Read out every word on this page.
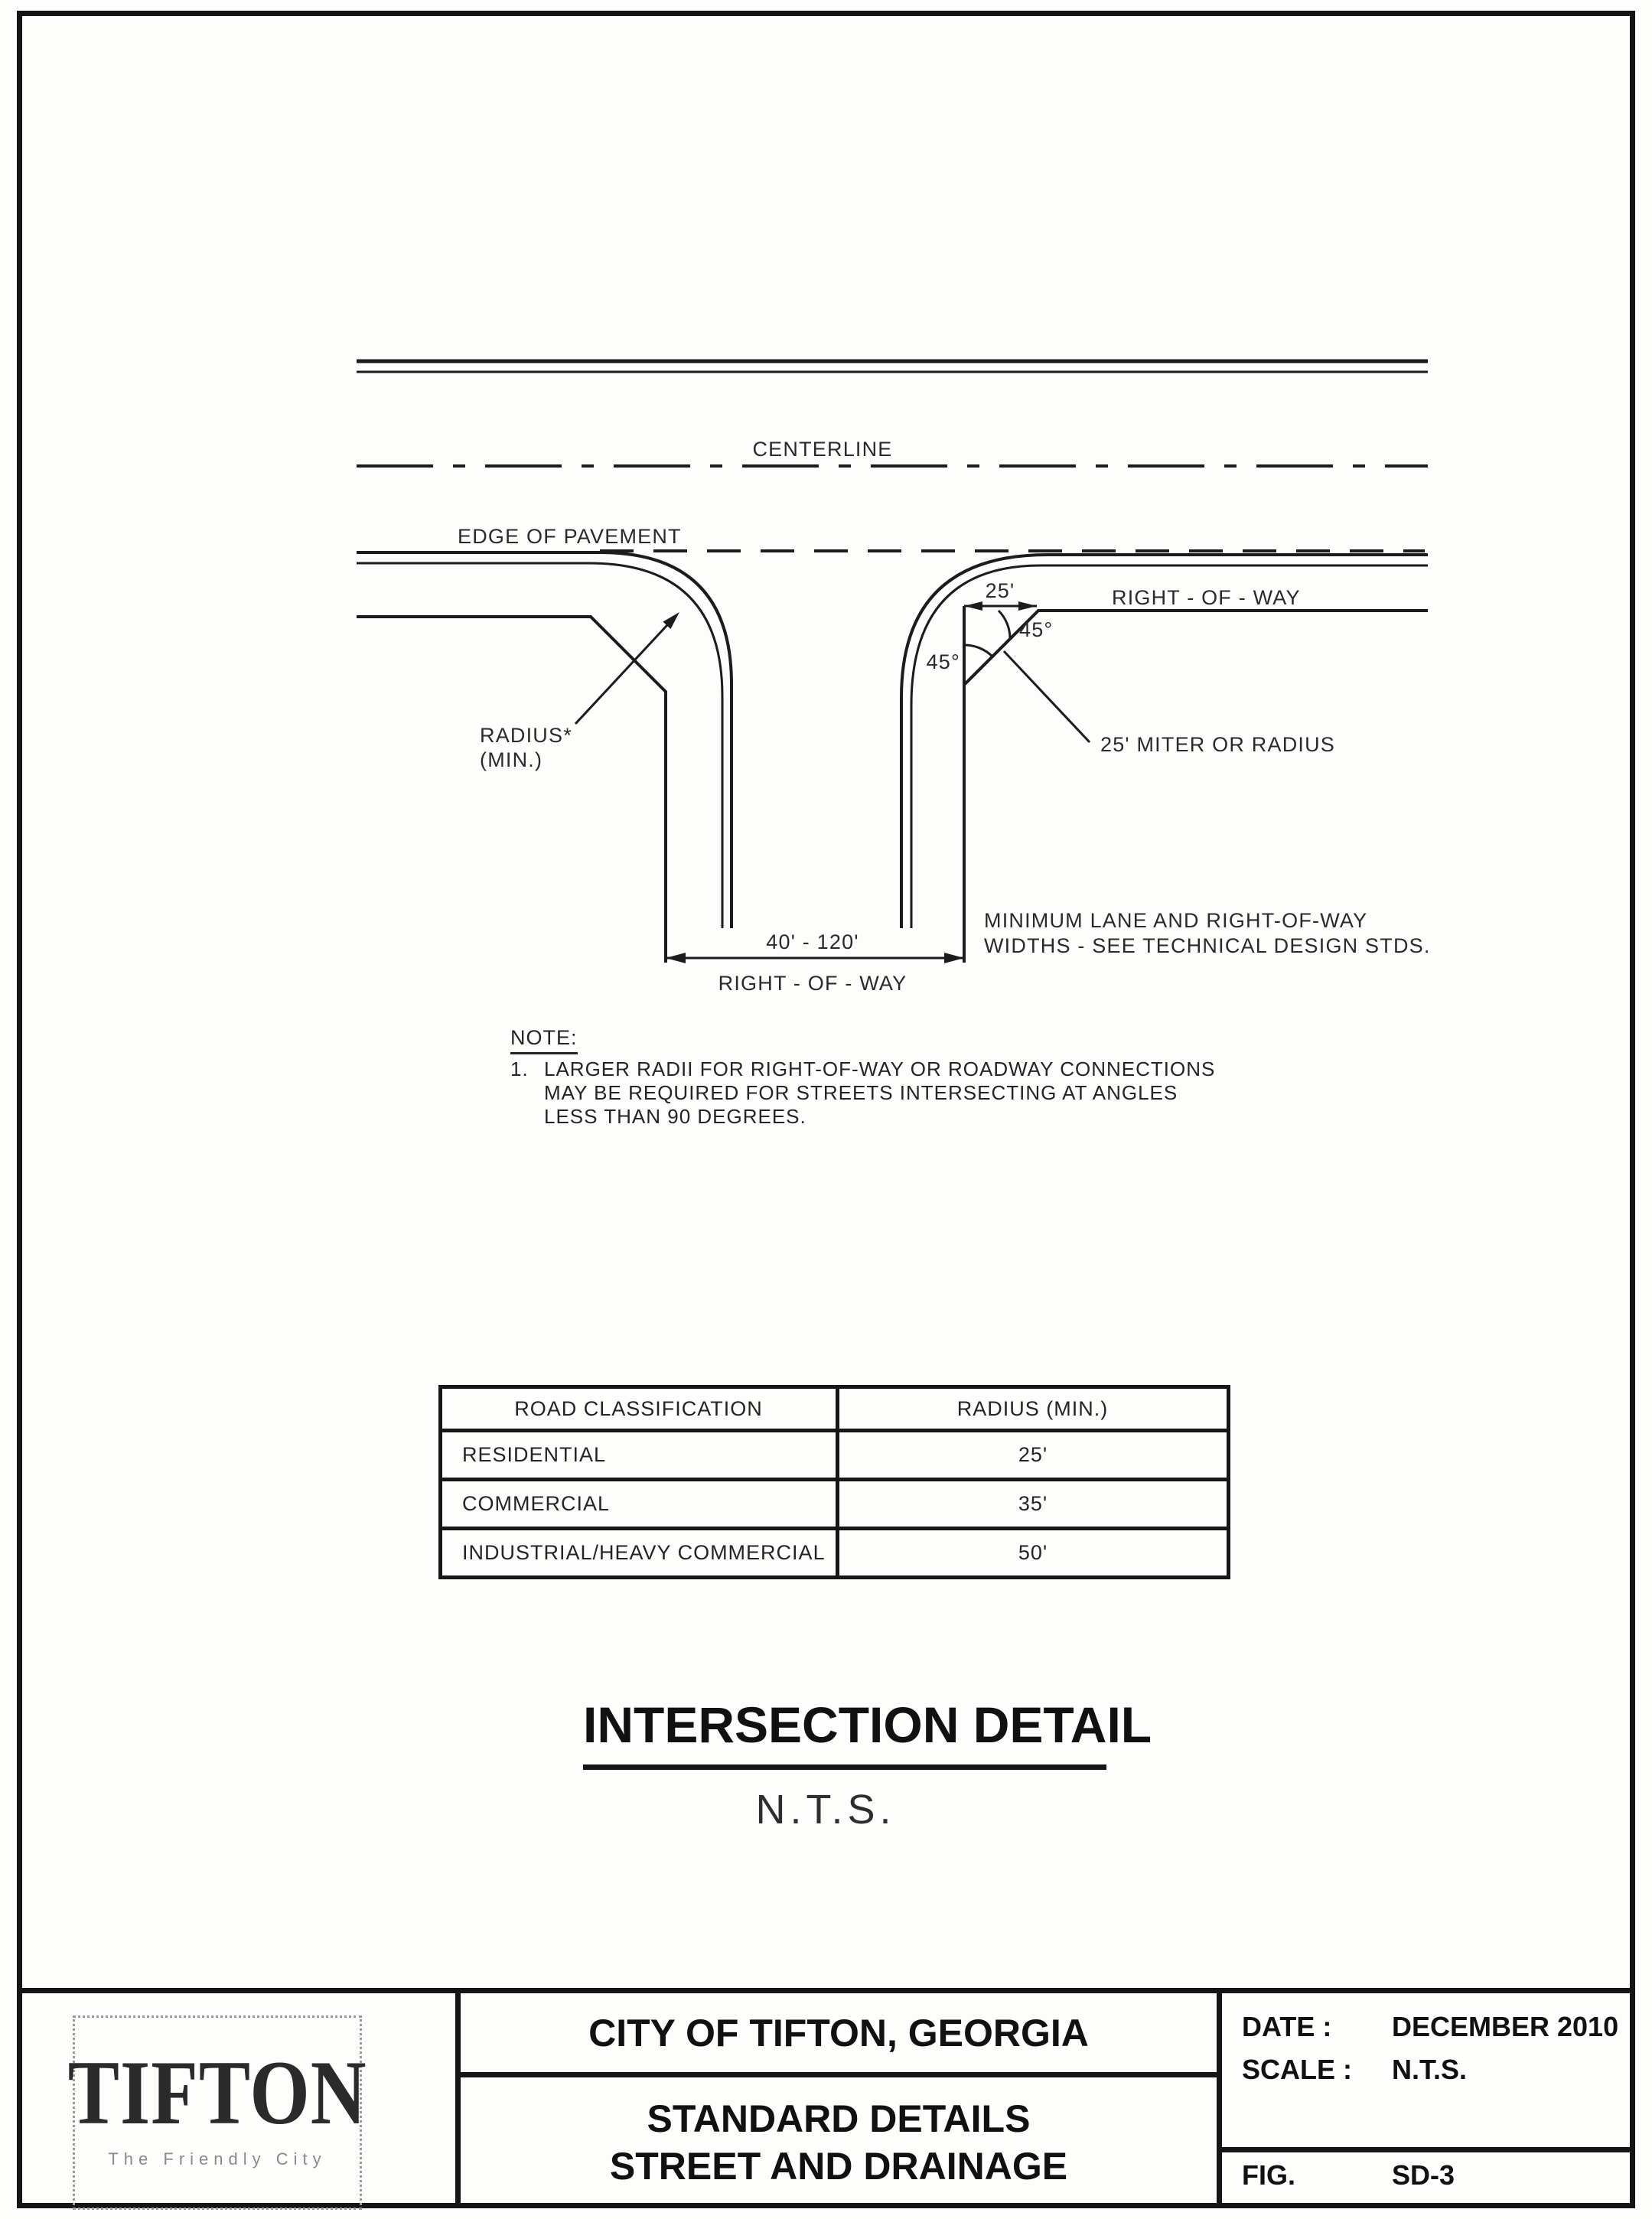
CENTERLINE
EDGE OF PAVEMENT
RIGHT - OF - WAY
25'
45°
45°
25' MITER OR RADIUS
RADIUS*
(MIN.)
MINIMUM LANE AND RIGHT-OF-WAY
WIDTHS - SEE TECHNICAL DESIGN STDS.
40' - 120'
RIGHT - OF - WAY
NOTE:
1. LARGER RADII FOR RIGHT-OF-WAY OR ROADWAY CONNECTIONS
MAY BE REQUIRED FOR STREETS INTERSECTING AT ANGLES
LESS THAN 90 DEGREES.
ROAD CLASSIFICATION	RADIUS (MIN.)
RESIDENTIAL	25'
COMMERCIAL	35'
INDUSTRIAL/HEAVY COMMERCIAL	50'
INTERSECTION DETAIL
N.T.S.
TIFTON
The Friendly City
CITY OF TIFTON, GEORGIA
STANDARD DETAILS
STREET AND DRAINAGE
DATE :	DECEMBER 2010
SCALE :	N.T.S.
FIG.	SD-3
